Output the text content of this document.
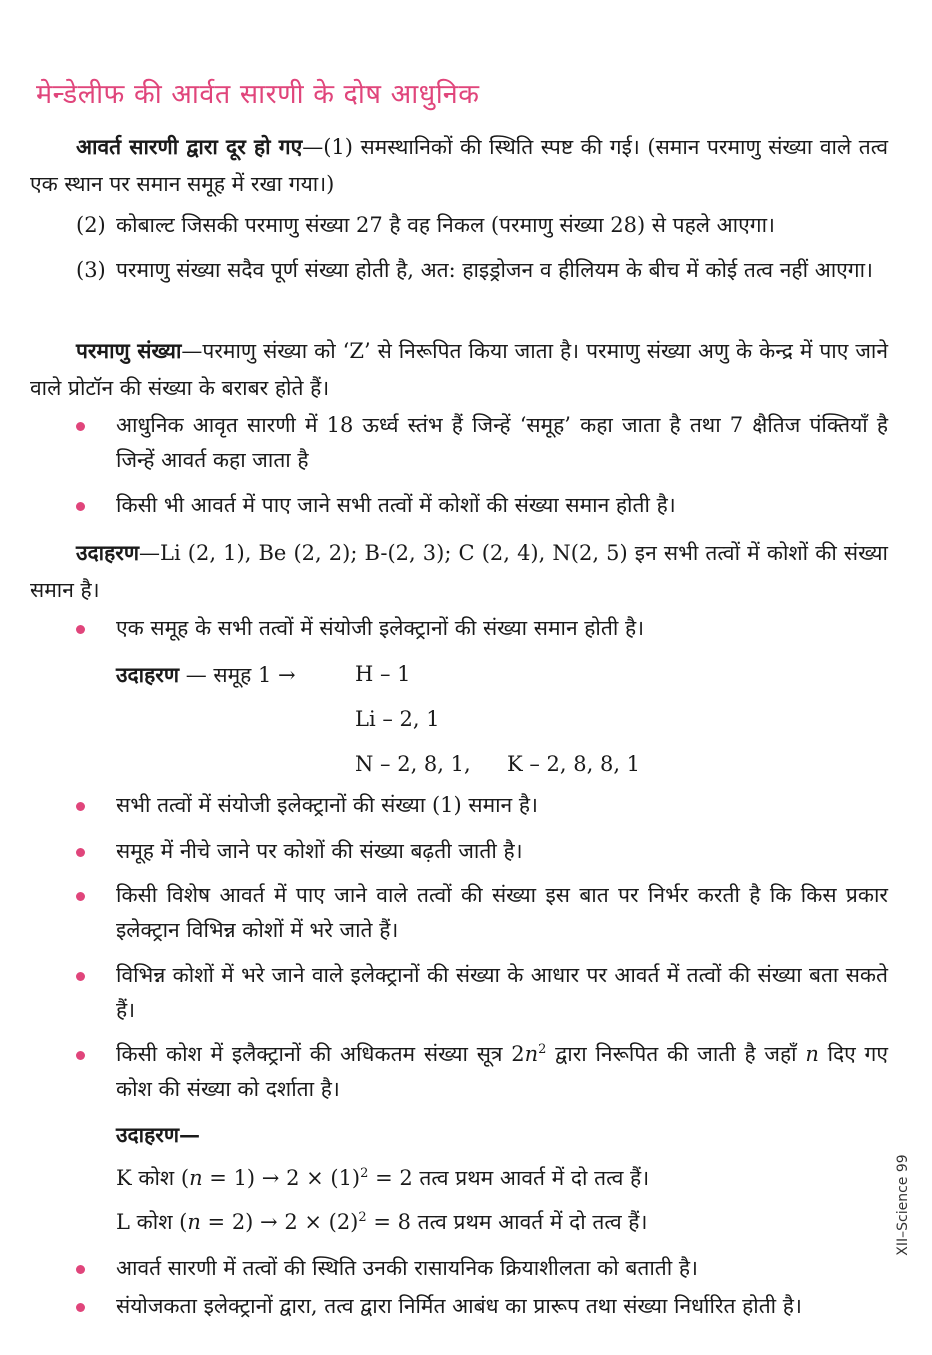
मेन्डेलीफ की आर्वत सारणी के दोष आधुनिक
आवर्त सारणी द्वारा दूर हो गए—(1) समस्थानिकों की स्थिति स्पष्ट की गई। (समान परमाणु संख्या वाले तत्व एक स्थान पर समान समूह में रखा गया।)
(2) कोबाल्ट जिसकी परमाणु संख्या 27 है वह निकल (परमाणु संख्या 28) से पहले आएगा।
(3) परमाणु संख्या सदैव पूर्ण संख्या होती है, अत: हाइड्रोजन व हीलियम के बीच में कोई तत्व नहीं आएगा।
परमाणु संख्या—परमाणु संख्या को ‘Z’ से निरूपित किया जाता है। परमाणु संख्या अणु के केन्द्र में पाए जाने वाले प्रोटॉन की संख्या के बराबर होते हैं।
आधुनिक आवृत सारणी में 18 ऊर्ध्व स्तंभ हैं जिन्हें ‘समूह’ कहा जाता है तथा 7 क्षैतिज पंक्तियाँ है जिन्हें आवर्त कहा जाता है
किसी भी आवर्त में पाए जाने सभी तत्वों में कोशों की संख्या समान होती है।
उदाहरण—Li (2, 1), Be (2, 2); B-(2, 3); C (2, 4), N(2, 5) इन सभी तत्वों में कोशों की संख्या समान है।
एक समूह के सभी तत्वों में संयोजी इलेक्ट्रानों की संख्या समान होती है।
उदाहरण — समूह 1 →	H – 1
Li – 2, 1
N – 2, 8, 1, K – 2, 8, 8, 1
सभी तत्वों में संयोजी इलेक्ट्रानों की संख्या (1) समान है।
समूह में नीचे जाने पर कोशों की संख्या बढ़ती जाती है।
किसी विशेष आवर्त में पाए जाने वाले तत्वों की संख्या इस बात पर निर्भर करती है कि किस प्रकार इलेक्ट्रान विभिन्न कोशों में भरे जाते हैं।
विभिन्न कोशों में भरे जाने वाले इलेक्ट्रानों की संख्या के आधार पर आवर्त में तत्वों की संख्या बता सकते हैं।
किसी कोश में इलैक्ट्रानों की अधिकतम संख्या सूत्र $2n^2$ द्वारा निरूपित की जाती है जहाँ n दिए गए कोश की संख्या को दर्शाता है।
उदाहरण—
K कोश $(n = 1) \to 2 \times (1)^2 = 2$ तत्व प्रथम आवर्त में दो तत्व हैं।
L कोश $(n = 2) \to 2 \times (2)^2 = 8$ तत्व प्रथम आवर्त में दो तत्व हैं।
आवर्त सारणी में तत्वों की स्थिति उनकी रासायनिक क्रियाशीलता को बताती है।
संयोजकता इलेक्ट्रानों द्वारा, तत्व द्वारा निर्मित आबंध का प्रारूप तथा संख्या निर्धारित होती है।
XII–Science 99
